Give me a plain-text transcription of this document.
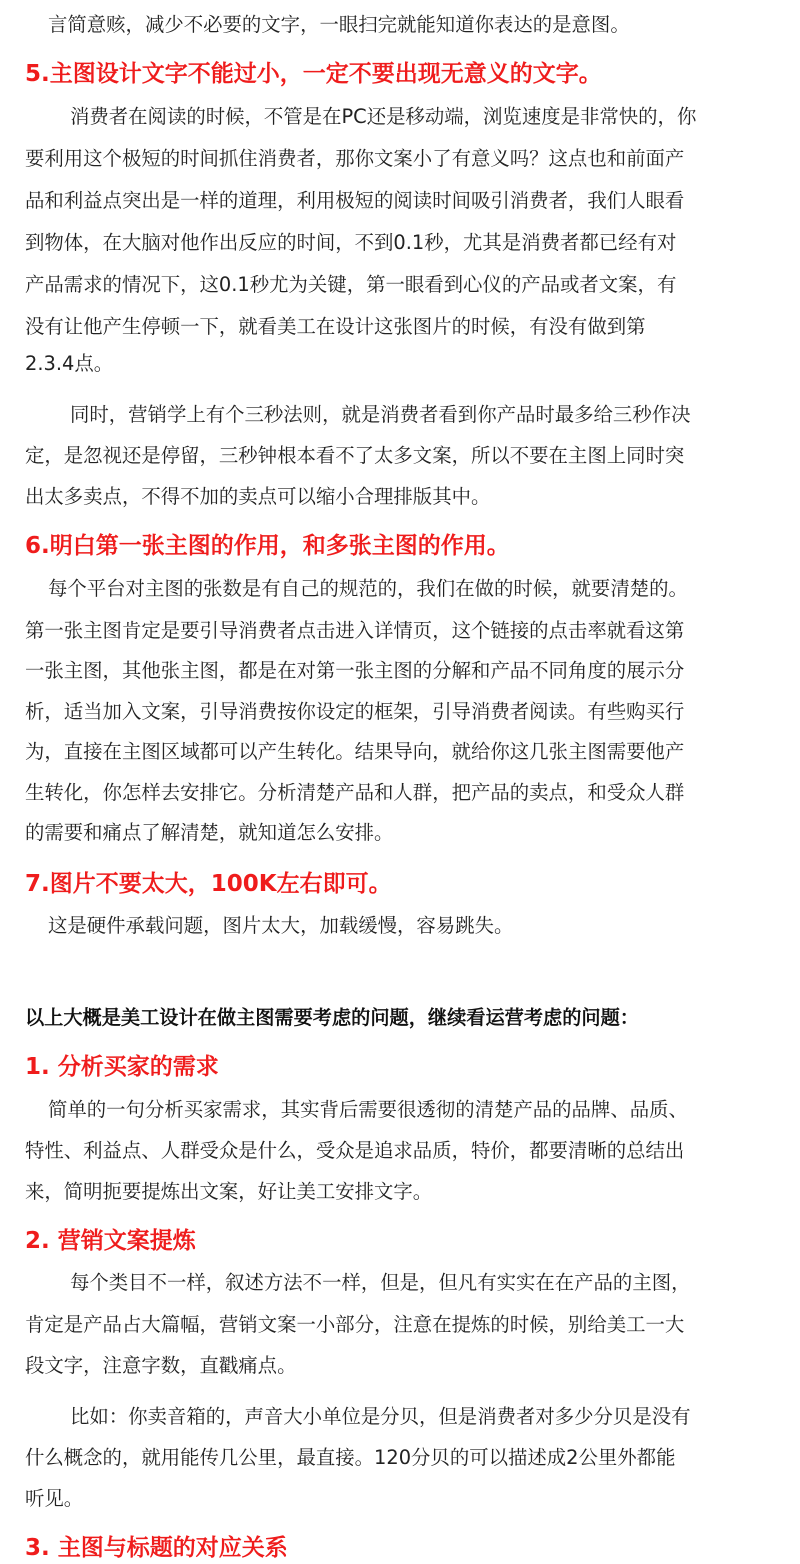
言简意赅，减少不必要的文字，一眼扫完就能知道你表达的是意图。
5.主图设计文字不能过小，一定不要出现无意义的文字。
消费者在阅读的时候，不管是在PC还是移动端，浏览速度是非常快的，你
要利用这个极短的时间抓住消费者，那你文案小了有意义吗？这点也和前面产
品和利益点突出是一样的道理，利用极短的阅读时间吸引消费者，我们人眼看
到物体，在大脑对他作出反应的时间，不到0.1秒，尤其是消费者都已经有对
产品需求的情况下，这0.1秒尤为关键，第一眼看到心仪的产品或者文案，有
没有让他产生停顿一下，就看美工在设计这张图片的时候，有没有做到第
2.3.4点。
同时，营销学上有个三秒法则，就是消费者看到你产品时最多给三秒作决
定，是忽视还是停留，三秒钟根本看不了太多文案，所以不要在主图上同时突
出太多卖点，不得不加的卖点可以缩小合理排版其中。
6.明白第一张主图的作用，和多张主图的作用。
每个平台对主图的张数是有自己的规范的，我们在做的时候，就要清楚的。
第一张主图肯定是要引导消费者点击进入详情页，这个链接的点击率就看这第
一张主图，其他张主图，都是在对第一张主图的分解和产品不同角度的展示分
析，适当加入文案，引导消费按你设定的框架，引导消费者阅读。有些购买行
为，直接在主图区域都可以产生转化。结果导向，就给你这几张主图需要他产
生转化，你怎样去安排它。分析清楚产品和人群，把产品的卖点，和受众人群
的需要和痛点了解清楚，就知道怎么安排。
7.图片不要太大，100K左右即可。
这是硬件承载问题，图片太大，加载缓慢，容易跳失。
以上大概是美工设计在做主图需要考虑的问题，继续看运营考虑的问题：
1. 分析买家的需求
简单的一句分析买家需求，其实背后需要很透彻的清楚产品的品牌、品质、
特性、利益点、人群受众是什么，受众是追求品质，特价，都要清晰的总结出
来，简明扼要提炼出文案，好让美工安排文字。
2. 营销文案提炼
每个类目不一样，叙述方法不一样，但是，但凡有实实在在产品的主图，
肯定是产品占大篇幅，营销文案一小部分，注意在提炼的时候，别给美工一大
段文字，注意字数，直戳痛点。
比如：你卖音箱的，声音大小单位是分贝，但是消费者对多少分贝是没有
什么概念的，就用能传几公里，最直接。120分贝的可以描述成2公里外都能
听见。
3. 主图与标题的对应关系
